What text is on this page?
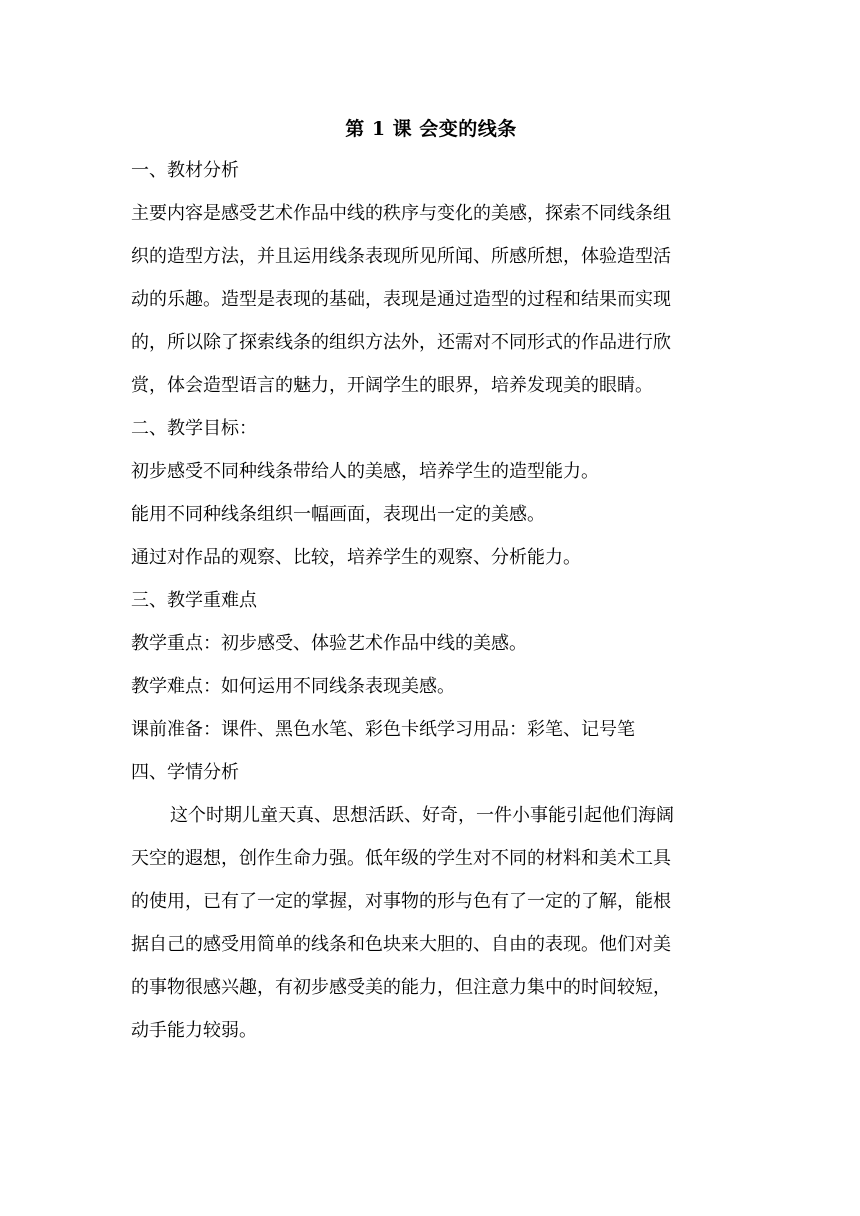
第 1 课 会变的线条
一、教材分析

主要内容是感受艺术作品中线的秩序与变化的美感，探索不同线条组

织的造型方法，并且运用线条表现所见所闻、所感所想，体验造型活

动的乐趣。造型是表现的基础，表现是通过造型的过程和结果而实现

的，所以除了探索线条的组织方法外，还需对不同形式的作品进行欣

赏，体会造型语言的魅力，开阔学生的眼界，培养发现美的眼睛。

二、教学目标：
初步感受不同种线条带给人的美感，培养学生的造型能力。
能用不同种线条组织一幅画面，表现出一定的美感。
通过对作品的观察、比较，培养学生的观察、分析能力。
三、教学重难点
教学重点：初步感受、体验艺术作品中线的美感。
教学难点：如何运用不同线条表现美感。
课前准备：课件、黑色水笔、彩色卡纸学习用品：彩笔、记号笔
四、学情分析

这个时期儿童天真、思想活跃、好奇，一件小事能引起他们海阔

天空的遐想，创作生命力强。低年级的学生对不同的材料和美术工具

的使用，已有了一定的掌握，对事物的形与色有了一定的了解，能根

据自己的感受用简单的线条和色块来大胆的、自由的表现。他们对美

的事物很感兴趣，有初步感受美的能力，但注意力集中的时间较短，

动手能力较弱。
